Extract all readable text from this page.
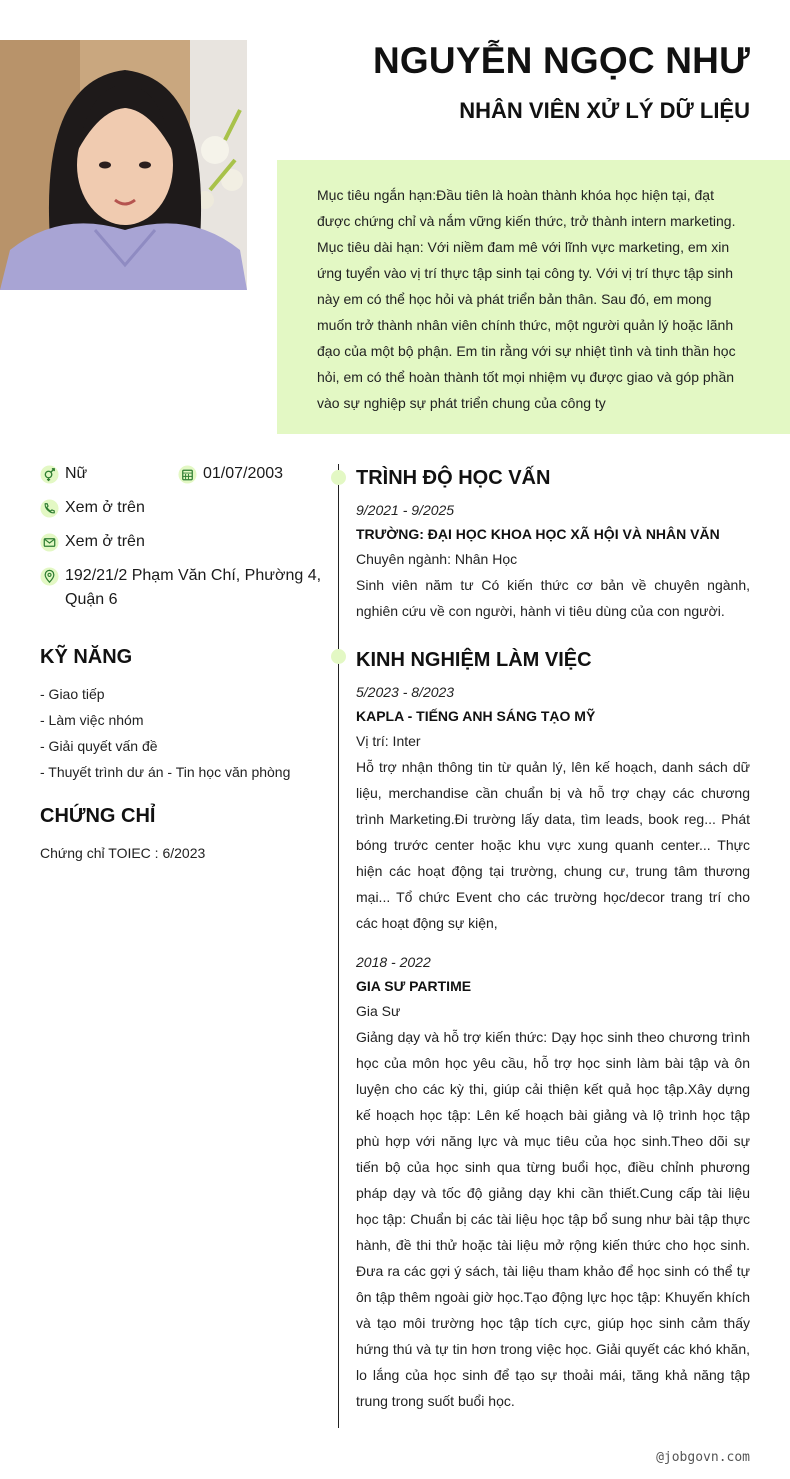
NGUYỄN NGỌC NHƯ
NHÂN VIÊN XỬ LÝ DỮ LIỆU

Mục tiêu ngắn hạn:Đầu tiên là hoàn thành khóa học hiện tại, đạt được chứng chỉ và nắm vững kiến thức, trở thành intern marketing. Mục tiêu dài hạn: Với niềm đam mê với lĩnh vực marketing, em xin ứng tuyển vào vị trí thực tập sinh tại công ty. Với vị trí thực tập sinh này em có thể học hỏi và phát triển bản thân. Sau đó, em mong muốn trở thành nhân viên chính thức, một người quản lý hoặc lãnh đạo của một bộ phận. Em tin rằng với sự nhiệt tình và tinh thần học hỏi, em có thể hoàn thành tốt mọi nhiệm vụ được giao và góp phần vào sự nghiệp sự phát triển chung của công ty

Nữ	01/07/2003
Xem ở trên
Xem ở trên
192/21/2 Phạm Văn Chí, Phường 4, Quận 6
KỸ NĂNG
- Giao tiếp
- Làm việc nhóm
- Giải quyết vấn đề
- Thuyết trình dư án - Tin học văn phòng
CHỨNG CHỈ
Chứng chỉ TOIEC : 6/2023
TRÌNH ĐỘ HỌC VẤN
9/2021 - 9/2025
TRƯỜNG: ĐẠI HỌC KHOA HỌC XÃ HỘI VÀ NHÂN VĂN
Chuyên ngành: Nhân Học
Sinh viên năm tư Có kiến thức cơ bản về chuyên ngành, nghiên cứu về con người, hành vi tiêu dùng của con người.
KINH NGHIỆM LÀM VIỆC
5/2023 - 8/2023
KAPLA - TIẾNG ANH SÁNG TẠO MỸ
Vị trí: Inter
Hỗ trợ nhận thông tin từ quản lý, lên kế hoạch, danh sách dữ liệu, merchandise cần chuẩn bị và hỗ trợ chạy các chương trình Marketing.Đi trường lấy data, tìm leads, book reg... Phát bóng trước center hoặc khu vực xung quanh center... Thực hiện các hoạt động tại trường, chung cư, trung tâm thương mại... Tổ chức Event cho các trường học/decor trang trí cho các hoạt động sự kiện,
2018 - 2022
GIA SƯ PARTIME
Gia Sư
Giảng dạy và hỗ trợ kiến thức: Dạy học sinh theo chương trình học của môn học yêu cầu, hỗ trợ học sinh làm bài tập và ôn luyện cho các kỳ thi, giúp cải thiện kết quả học tập.Xây dựng kế hoạch học tập: Lên kế hoạch bài giảng và lộ trình học tập phù hợp với năng lực và mục tiêu của học sinh.Theo dõi sự tiến bộ của học sinh qua từng buổi học, điều chỉnh phương pháp dạy và tốc độ giảng dạy khi cần thiết.Cung cấp tài liệu học tập: Chuẩn bị các tài liệu học tập bổ sung như bài tập thực hành, đề thi thử hoặc tài liệu mở rộng kiến thức cho học sinh. Đưa ra các gợi ý sách, tài liệu tham khảo để học sinh có thể tự ôn tập thêm ngoài giờ học.Tạo động lực học tập: Khuyến khích và tạo môi trường học tập tích cực, giúp học sinh cảm thấy hứng thú và tự tin hơn trong việc học. Giải quyết các khó khăn, lo lắng của học sinh để tạo sự thoải mái, tăng khả năng tập trung trong suốt buổi học.
@jobgovn.com
